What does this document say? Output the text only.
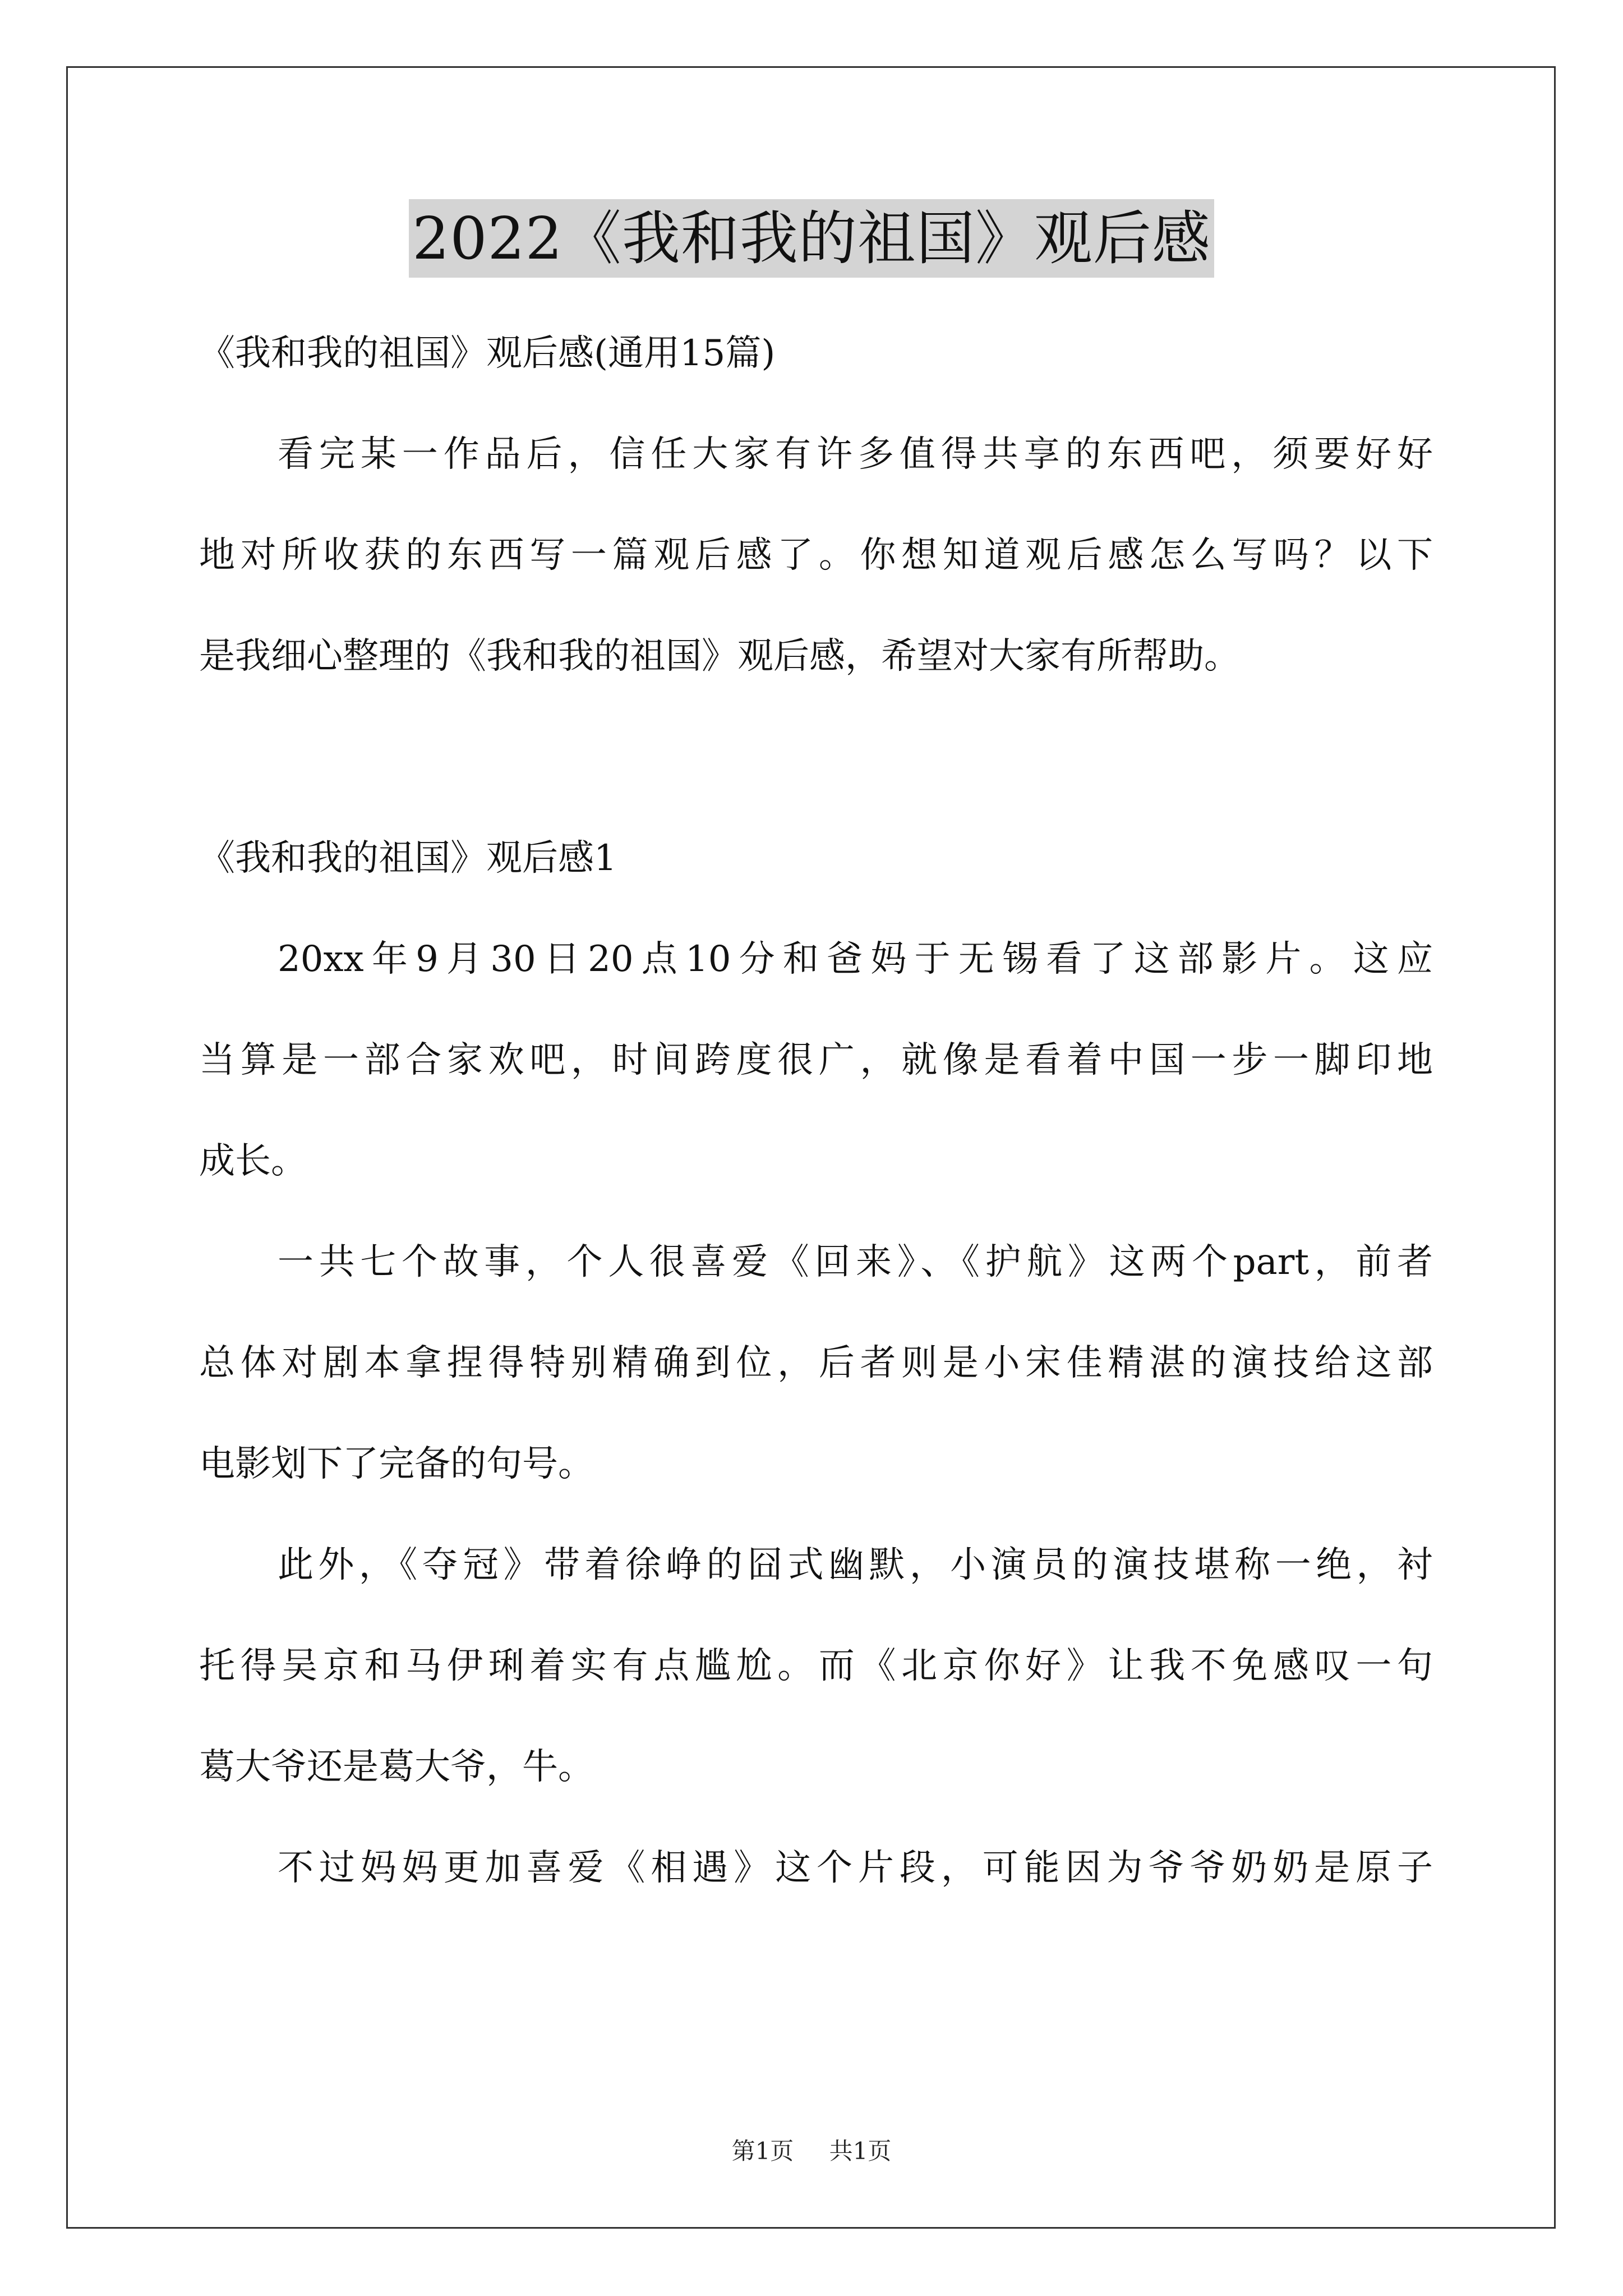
2022《我和我的祖国》观后感
《我和我的祖国》观后感(通用15篇)
看完某一作品后，信任大家有许多值得共享的东西吧，须要好好
地对所收获的东西写一篇观后感了。你想知道观后感怎么写吗？以下
是我细心整理的《我和我的祖国》观后感，希望对大家有所帮助。
《我和我的祖国》观后感1
20xx年9月30日20点10分和爸妈于无锡看了这部影片。这应
当算是一部合家欢吧，时间跨度很广，就像是看着中国一步一脚印地
成长。
一共七个故事，个人很喜爱《回来》、《护航》这两个part，前者
总体对剧本拿捏得特别精确到位，后者则是小宋佳精湛的演技给这部
电影划下了完备的句号。
此外，《夺冠》带着徐峥的囧式幽默，小演员的演技堪称一绝，衬
托得吴京和马伊琍着实有点尴尬。而《北京你好》让我不免感叹一句
葛大爷还是葛大爷，牛。
不过妈妈更加喜爱《相遇》这个片段，可能因为爷爷奶奶是原子
第1页 共1页
